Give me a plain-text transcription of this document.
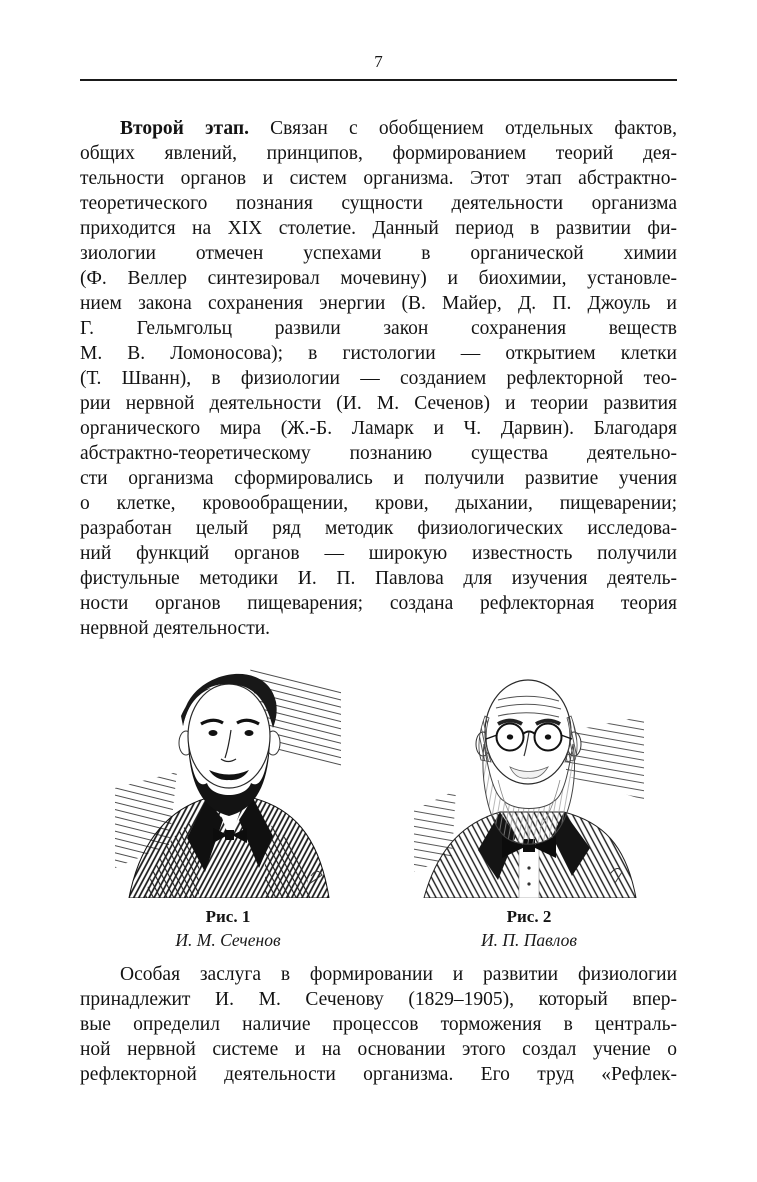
7
Второй этап. Связан с обобщением отдельных фактов,
общих явлений, принципов, формированием теорий дея-
тельности органов и систем организма. Этот этап абстрактно-
теоретического познания сущности деятельности организма
приходится на XIX столетие. Данный период в развитии фи-
зиологии отмечен успехами в органической химии
(Ф. Веллер синтезировал мочевину) и биохимии, установле-
нием закона сохранения энергии (В. Майер, Д. П. Джоуль и
Г. Гельмгольц развили закон сохранения веществ
М. В. Ломоносова); в гистологии — открытием клетки
(Т. Шванн), в физиологии — созданием рефлекторной тео-
рии нервной деятельности (И. М. Сеченов) и теории развития
органического мира (Ж.-Б. Ламарк и Ч. Дарвин). Благодаря
абстрактно-теоретическому познанию существа деятельно-
сти организма сформировались и получили развитие учения
о клетке, кровообращении, крови, дыхании, пищеварении;
разработан целый ряд методик физиологических исследова-
ний функций органов — широкую известность получили
фистульные методики И. П. Павлова для изучения деятель-
ности органов пищеварения; создана рефлекторная теория
нервной деятельности.
Рис. 1
И. М. Сеченов
Рис. 2
И. П. Павлов
Особая заслуга в формировании и развитии физиологии
принадлежит И. М. Сеченову (1829–1905), который впер-
вые определил наличие процессов торможения в централь-
ной нервной системе и на основании этого создал учение о
рефлекторной деятельности организма. Его труд «Рефлек-
